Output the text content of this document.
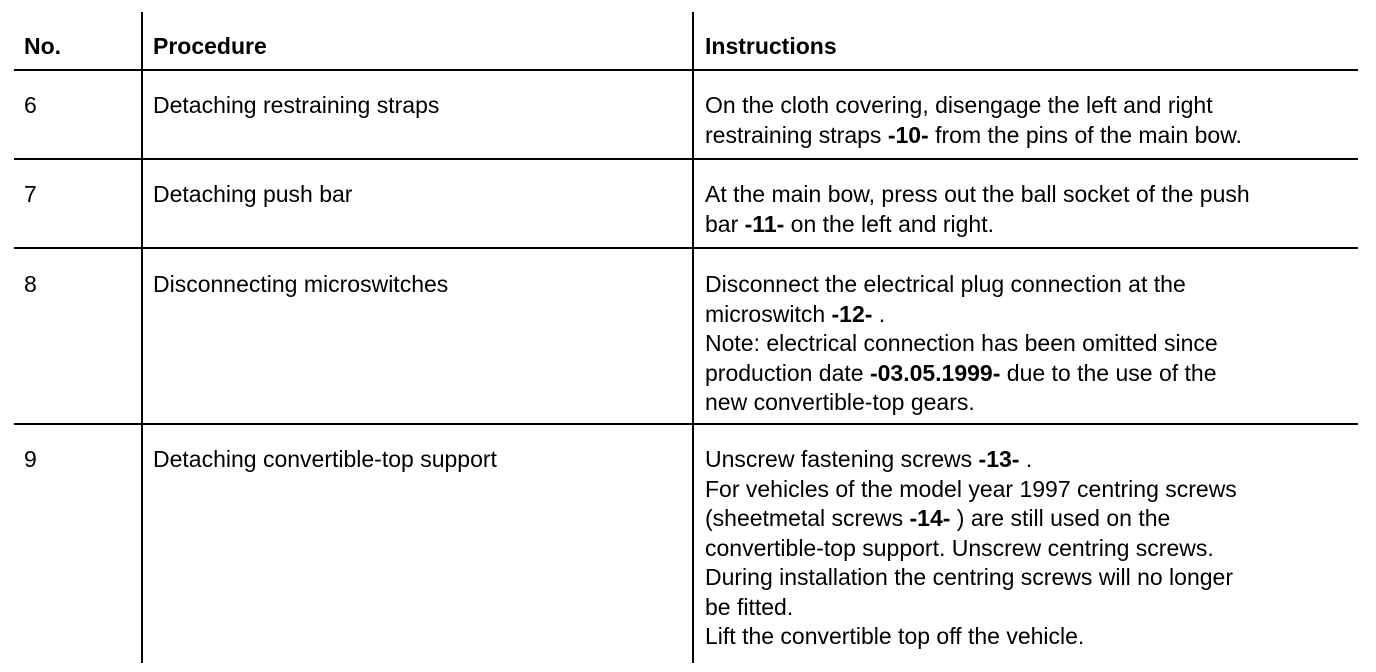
No.	Procedure	Instructions
6	Detaching restraining straps	On the cloth covering, disengage the left and right
restraining straps -10- from the pins of the main bow.
7	Detaching push bar	At the main bow, press out the ball socket of the push
bar -11- on the left and right.
8	Disconnecting microswitches	Disconnect the electrical plug connection at the
microswitch -12- .
Note: electrical connection has been omitted since
production date -03.05.1999- due to the use of the
new convertible-top gears.
9	Detaching convertible-top support	Unscrew fastening screws -13- .
For vehicles of the model year 1997 centring screws
(sheetmetal screws -14- ) are still used on the
convertible-top support. Unscrew centring screws.
During installation the centring screws will no longer
be fitted.
Lift the convertible top off the vehicle.
